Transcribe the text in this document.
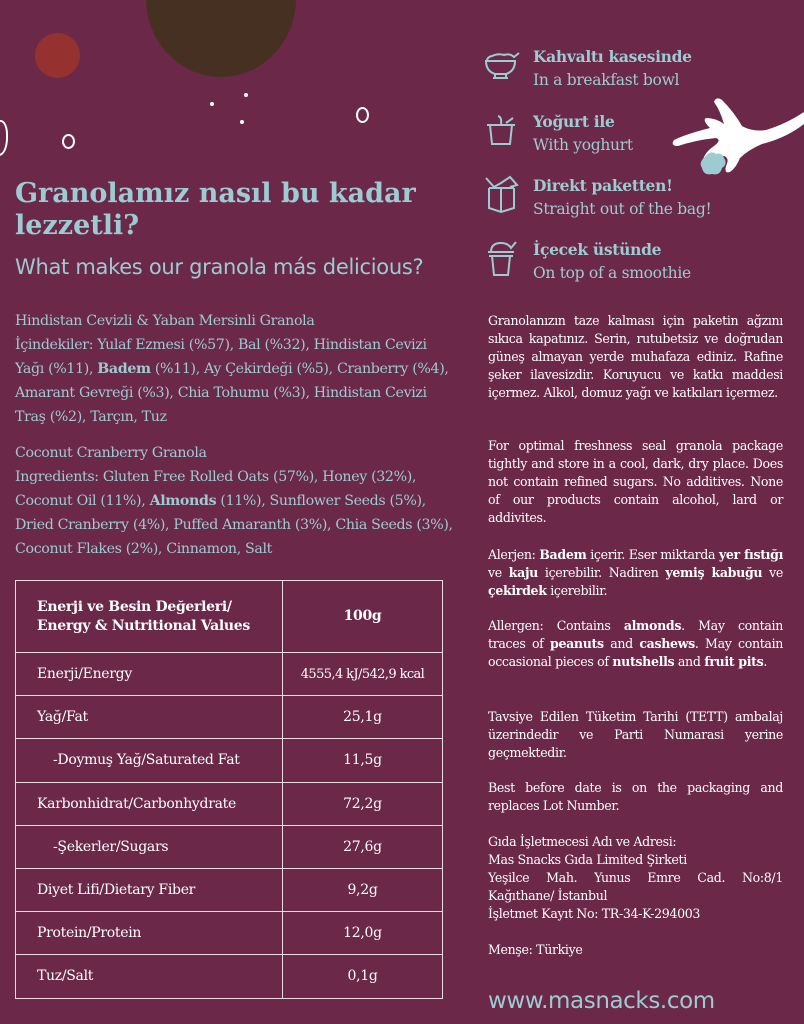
Granolamız nasıl bu kadar lezzetli?
What makes our granola más delicious?
Hindistan Cevizli & Yaban Mersinli Granola
İçindekiler: Yulaf Ezmesi (%57), Bal (%32), Hindistan Cevizi Yağı (%11), Badem (%11), Ay Çekirdeği (%5), Cranberry (%4), Amarant Gevreği (%3), Chia Tohumu (%3), Hindistan Cevizi Traş (%2), Tarçın, Tuz
Coconut Cranberry Granola
Ingredients: Gluten Free Rolled Oats (57%), Honey (32%), Coconut Oil (11%), Almonds (11%), Sunflower Seeds (5%), Dried Cranberry (4%), Puffed Amaranth (3%), Chia Seeds (3%), Coconut Flakes (2%), Cinnamon, Salt
Enerji ve Besin Değerleri/
Energy & Nutritional Values	100g
Enerji/Energy	4555,4 kJ/542,9 kcal
Yağ/Fat	25,1g
-Doymuş Yağ/Saturated Fat	11,5g
Karbonhidrat/Carbonhydrate	72,2g
-Şekerler/Sugars	27,6g
Diyet Lifi/Dietary Fiber	9,2g
Protein/Protein	12,0g
Tuz/Salt	0,1g
Kahvaltı kasesinde
In a breakfast bowl
Yoğurt ile
With yoghurt
Direkt paketten!
Straight out of the bag!
İçecek üstünde
On top of a smoothie
Granolanızın taze kalması için paketin ağzını sıkıca kapatınız. Serin, rutubetsiz ve doğrudan güneş almayan yerde muhafaza ediniz. Rafine şeker ilavesizdir. Koruyucu ve katkı maddesi içermez. Alkol, domuz yağı ve katkıları içermez.
For optimal freshness seal granola package tightly and store in a cool, dark, dry place. Does not contain refined sugars. No additives. None of our products contain alcohol, lard or addivites.
Alerjen: Badem içerir. Eser miktarda yer fıstığı ve kaju içerebilir. Nadiren yemiş kabuğu ve çekirdek içerebilir.
Allergen: Contains almonds. May contain traces of peanuts and cashews. May contain occasional pieces of nutshells and fruit pits.
Tavsiye Edilen Tüketim Tarihi (TETT) ambalaj üzerindedir ve Parti Numarasi yerine geçmektedir.
Best before date is on the packaging and replaces Lot Number.
Gıda İşletmecesi Adı ve Adresi:
Mas Snacks Gıda Limited Şirketi
Yeşilce Mah. Yunus Emre Cad. No:8/1
Kağıthane/ İstanbul
İşletmet Kayıt No: TR-34-K-294003
Menşe: Türkiye
www.masnacks.com
